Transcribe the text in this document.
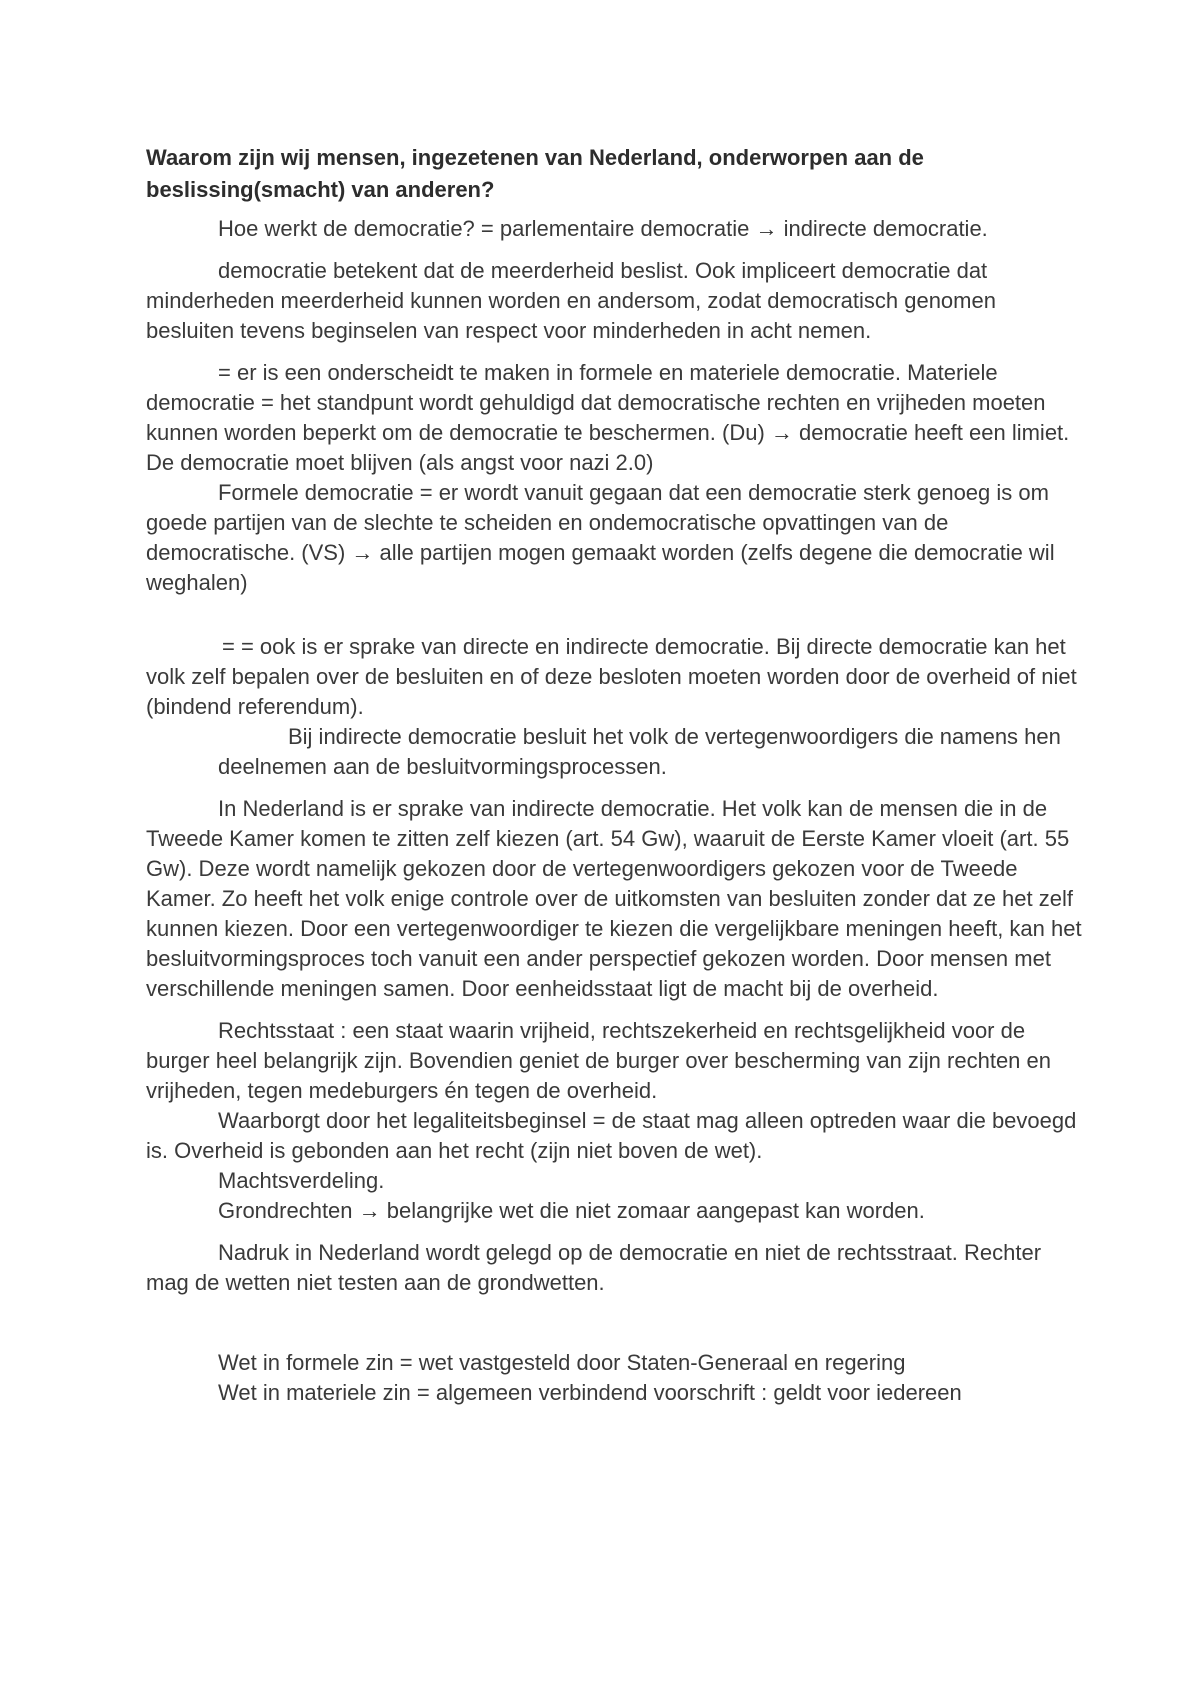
Waarom zijn wij mensen, ingezetenen van Nederland, onderworpen aan de beslissing(smacht) van anderen?

Hoe werkt de democratie? = parlementaire democratie → indirecte democratie.

democratie betekent dat de meerderheid beslist. Ook impliceert democratie dat minderheden meerderheid kunnen worden en andersom, zodat democratisch genomen besluiten tevens beginselen van respect voor minderheden in acht nemen.

= er is een onderscheidt te maken in formele en materiele democratie. Materiele democratie = het standpunt wordt gehuldigd dat democratische rechten en vrijheden moeten kunnen worden beperkt om de democratie te beschermen. (Du) → democratie heeft een limiet. De democratie moet blijven (als angst voor nazi 2.0)

Formele democratie = er wordt vanuit gegaan dat een democratie sterk genoeg is om goede partijen van de slechte te scheiden en ondemocratische opvattingen van de democratische. (VS) → alle partijen mogen gemaakt worden (zelfs degene die democratie wil weghalen)

= = ook is er sprake van directe en indirecte democratie. Bij directe democratie kan het volk zelf bepalen over de besluiten en of deze besloten moeten worden door de overheid of niet (bindend referendum).

Bij indirecte democratie besluit het volk de vertegenwoordigers die namens hen deelnemen aan de besluitvormingsprocessen.

In Nederland is er sprake van indirecte democratie. Het volk kan de mensen die in de Tweede Kamer komen te zitten zelf kiezen (art. 54 Gw), waaruit de Eerste Kamer vloeit (art. 55 Gw). Deze wordt namelijk gekozen door de vertegenwoordigers gekozen voor de Tweede Kamer. Zo heeft het volk enige controle over de uitkomsten van besluiten zonder dat ze het zelf kunnen kiezen. Door een vertegenwoordiger te kiezen die vergelijkbare meningen heeft, kan het besluitvormingsproces toch vanuit een ander perspectief gekozen worden. Door mensen met verschillende meningen samen. Door eenheidsstaat ligt de macht bij de overheid.

Rechtsstaat : een staat waarin vrijheid, rechtszekerheid en rechtsgelijkheid voor de burger heel belangrijk zijn. Bovendien geniet de burger over bescherming van zijn rechten en vrijheden, tegen medeburgers én tegen de overheid.

Waarborgt door het legaliteitsbeginsel = de staat mag alleen optreden waar die bevoegd is. Overheid is gebonden aan het recht (zijn niet boven de wet).

Machtsverdeling.

Grondrechten → belangrijke wet die niet zomaar aangepast kan worden.

Nadruk in Nederland wordt gelegd op de democratie en niet de rechtsstraat. Rechter mag de wetten niet testen aan de grondwetten.

Wet in formele zin = wet vastgesteld door Staten-Generaal en regering

Wet in materiele zin = algemeen verbindend voorschrift : geldt voor iedereen
